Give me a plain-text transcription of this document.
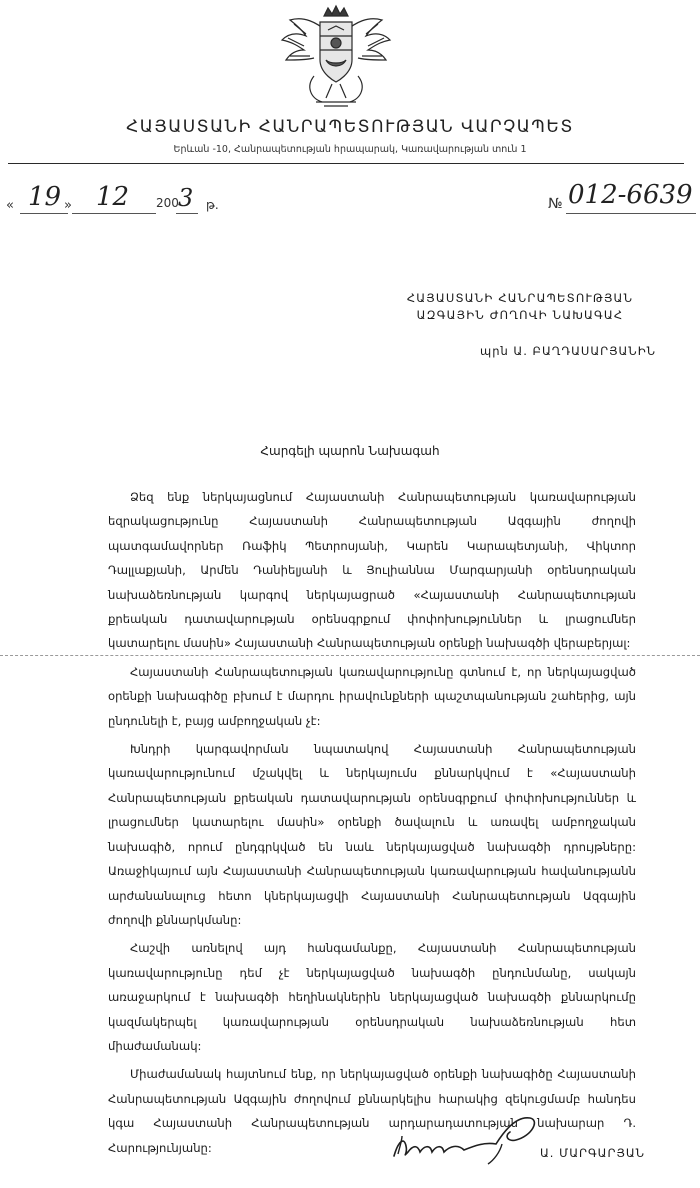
ՀԱՅԱՍՏԱՆԻ ՀԱՆՐԱՊԵՏՈՒԹՅԱՆ ՎԱՐՉԱՊԵՏ
Երևան -10, Հանրապետության հրապարակ, Կառավարության տուն 1
« 19 » 12 200 3 թ.	№ 012-6639
ՀԱՅԱՍՏԱՆԻ ՀԱՆՐԱՊԵՏՈՒԹՅԱՆ
ԱԶԳԱՅԻՆ ԺՈՂՈՎԻ ՆԱԽԱԳԱՀ
պրն Ա. ԲԱՂԴԱՍԱՐՅԱՆԻՆ
Հարգելի պարոն Նախագահ

Ձեզ ենք ներկայացնում Հայաստանի Հանրապետության կառավարության եզրակացությունը Հայաստանի Հանրապետության Ազգային ժողովի պատգամավորներ Ռաֆիկ Պետրոսյանի, Կարեն Կարապետյանի, Վիկտոր Դալլաքյանի, Արմեն Դանիելյանի և Յուլիաննա Մարգարյանի օրենսդրական նախաձեռնության կարգով ներկայացրած «Հայաստանի Հանրապետության քրեական դատավարության օրենսգրքում փոփոխություններ և լրացումներ կատարելու մասին» Հայաստանի Հանրապետության օրենքի նախագծի վերաբերյալ:

Հայաստանի Հանրապետության կառավարությունը գտնում է, որ ներկայացված օրենքի նախագիծը բխում է մարդու իրավունքների պաշտպանության շահերից, այն ընդունելի է, բայց ամբողջական չէ:

Խնդրի կարգավորման նպատակով Հայաստանի Հանրապետության կառավարությունում մշակվել և ներկայումս քննարկվում է «Հայաստանի Հանրապետության քրեական դատավարության օրենսգրքում փոփոխություններ և լրացումներ կատարելու մասին» օրենքի ծավալուն և առավել ամբողջական նախագիծ, որում ընդգրկված են նաև ներկայացված նախագծի դրույթները: Առաջիկայում այն Հայաստանի Հանրապետության կառավարության հավանությանն արժանանալուց հետո կներկայացվի Հայաստանի Հանրապետության Ազգային ժողովի քննարկմանը:

Հաշվի առնելով այդ հանգամանքը, Հայաստանի Հանրապետության կառավարությունը դեմ չէ ներկայացված նախագծի ընդունմանը, սակայն առաջարկում է նախագծի հեղինակներին ներկայացված նախագծի քննարկումը կազմակերպել կառավարության օրենսդրական նախաձեռնության հետ միաժամանակ:

Միաժամանակ հայտնում ենք, որ ներկայացված օրենքի նախագիծը Հայաստանի Հանրապետության Ազգային ժողովում քննարկելիս հարակից զեկուցմամբ հանդես կգա Հայաստանի Հանրապետության արդարադատության նախարար Դ. Հարությունյանը:	Ա. ՄԱՐԳԱՐՅԱՆ
